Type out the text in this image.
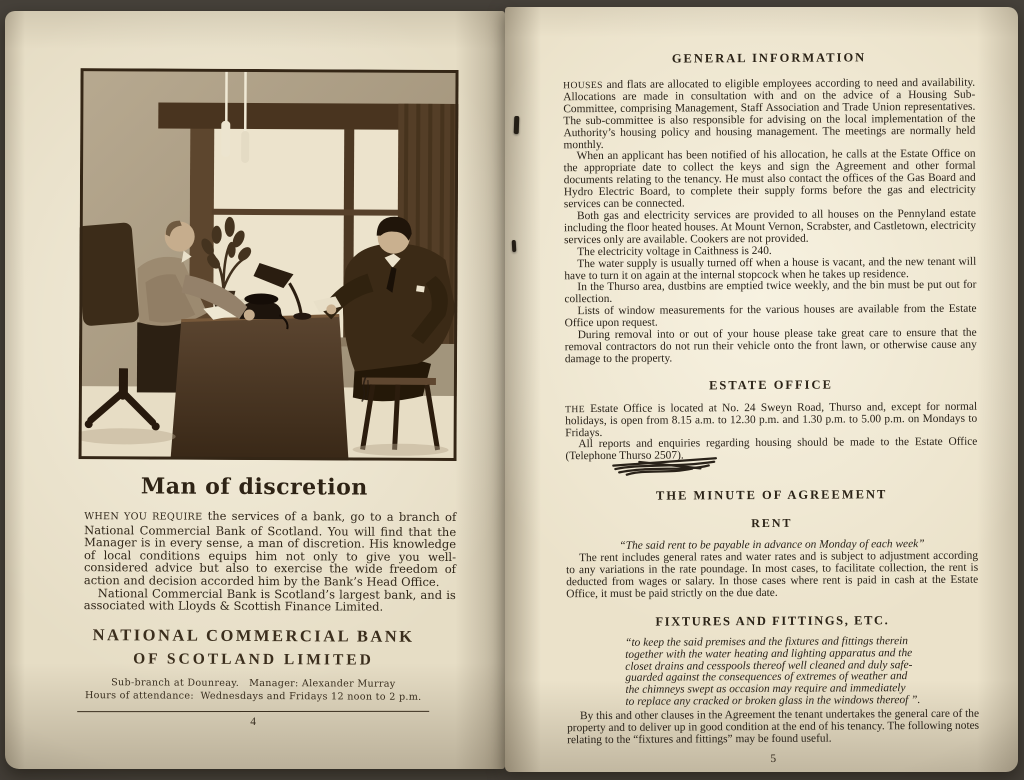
Man of discretion

WHEN YOU REQUIRE the services of a bank, go to a branch of National Commercial Bank of Scotland. You will find that the Manager is in every sense, a man of discretion. His knowledge of local conditions equips him not only to give you well-considered advice but also to exercise the wide freedom of action and decision accorded him by the Bank’s Head Office.

National Commercial Bank is Scotland’s largest bank, and is associated with Lloyds & Scottish Finance Limited.

NATIONAL COMMERCIAL BANK
OF SCOTLAND LIMITED
Sub-branch at Dounreay.   Manager: Alexander Murray
Hours of attendance:  Wednesdays and Fridays 12 noon to 2 p.m.
4
GENERAL INFORMATION

HOUSES and flats are allocated to eligible employees according to need and availability. Allocations are made in consultation with and on the advice of a Housing Sub-Committee, comprising Management, Staff Association and Trade Union representatives. The sub-committee is also responsible for advising on the local implementation of the Authority’s housing policy and housing management. The meetings are normally held monthly.

When an applicant has been notified of his allocation, he calls at the Estate Office on the appropriate date to collect the keys and sign the Agreement and other formal documents relating to the tenancy. He must also contact the offices of the Gas Board and Hydro Electric Board, to complete their supply forms before the gas and electricity services can be connected.

Both gas and electricity services are provided to all houses on the Pennyland estate including the floor heated houses. At Mount Vernon, Scrabster, and Castletown, electricity services only are available. Cookers are not provided.

The electricity voltage in Caithness is 240.

The water supply is usually turned off when a house is vacant, and the new tenant will have to turn it on again at the internal stopcock when he takes up residence.

In the Thurso area, dustbins are emptied twice weekly, and the bin must be put out for collection.

Lists of window measurements for the various houses are available from the Estate Office upon request.

During removal into or out of your house please take great care to ensure that the removal contractors do not run their vehicle onto the front lawn, or otherwise cause any damage to the property.

ESTATE OFFICE

THE Estate Office is located at No. 24 Sweyn Road, Thurso and, except for normal holidays, is open from 8.15 a.m. to 12.30 p.m. and 1.30 p.m. to 5.00 p.m. on Mondays to Fridays.

All reports and enquiries regarding housing should be made to the Estate Office (Telephone Thurso 2507
).

THE MINUTE OF AGREEMENT
RENT

“The said rent to be payable in advance on Monday of each week”

The rent includes general rates and water rates and is subject to adjustment according to any variations in the rate poundage. In most cases, to facilitate collection, the rent is deducted from wages or salary. In those cases where rent is paid in cash at the Estate Office, it must be paid strictly on the due date.

FIXTURES AND FITTINGS, ETC.
“to keep the said premises and the fixtures and fittings therein
together with the water heating and lighting apparatus and the
closet drains and cesspools thereof well cleaned and duly safe-
guarded against the consequences of extremes of weather and
the chimneys swept as occasion may require and immediately
to replace any cracked or broken glass in the windows thereof ”.

By this and other clauses in the Agreement the tenant undertakes the general care of the property and to deliver up in good condition at the end of his tenancy. The following notes relating to the “fixtures and fittings” may be found useful.

5
